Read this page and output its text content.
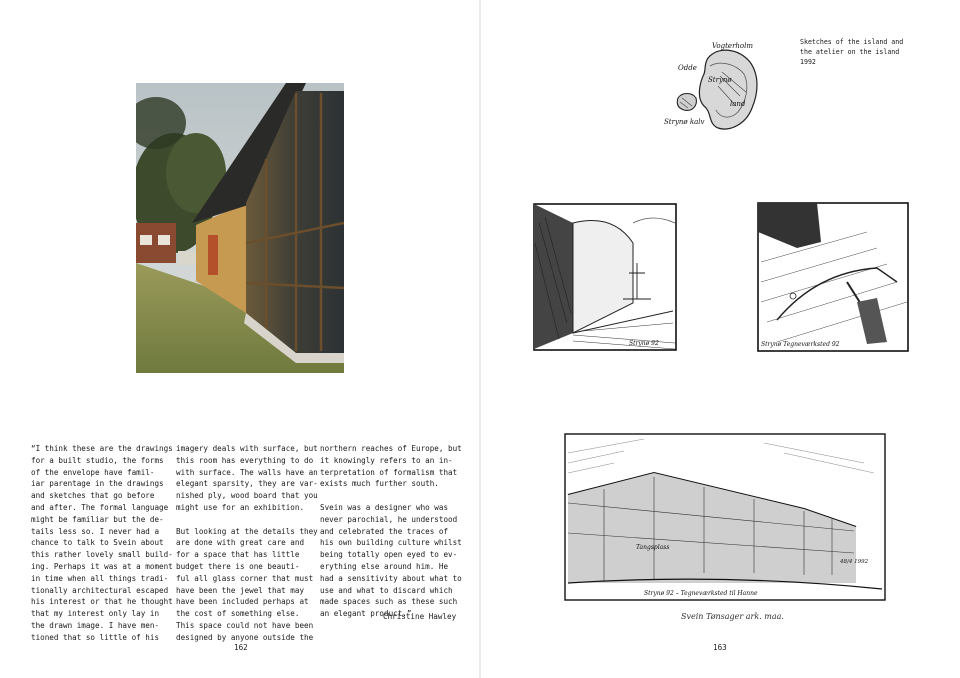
“I think these are the drawings
for a built studio, the forms
of the envelope have famil-
iar parentage in the drawings
and sketches that go before
and after. The formal language
might be familiar but the de-
tails less so. I never had a
chance to talk to Svein about
this rather lovely small build-
ing. Perhaps it was at a moment
in time when all things tradi-
tionally architectural escaped
his interest or that he thought
that my interest only lay in
the drawn image. I have men-
tioned that so little of his
imagery deals with surface, but
this room has everything to do
with surface. The walls have an
elegant sparsity, they are var-
nished ply, wood board that you
might use for an exhibition.

But looking at the details they
are done with great care and
for a space that has little
budget there is one beauti-
ful all glass corner that must
have been the jewel that may
have been included perhaps at
the cost of something else.
This space could not have been
designed by anyone outside the
northern reaches of Europe, but
it knowingly refers to an in-
terpretation of formalism that
exists much further south.

Svein was a designer who was
never parochial, he understood
and celebrated the traces of
his own building culture whilst
being totally open eyed to ev-
erything else around him. He
had a sensitivity about what to
use and what to discard which
made spaces such as these such
an elegant product.”
Christine Hawley
162
Vogterholm
Odde
Strynø
land
Strynø kalv
Sketches of the island and
the atelier on the island
1992
Strynø 92	Strynø Tegneværksted 92
Tangsplass
48/4 1992
Strynø 92 – Tegneværksted til Hanne
Svein Tønsager ark. maa.
163
